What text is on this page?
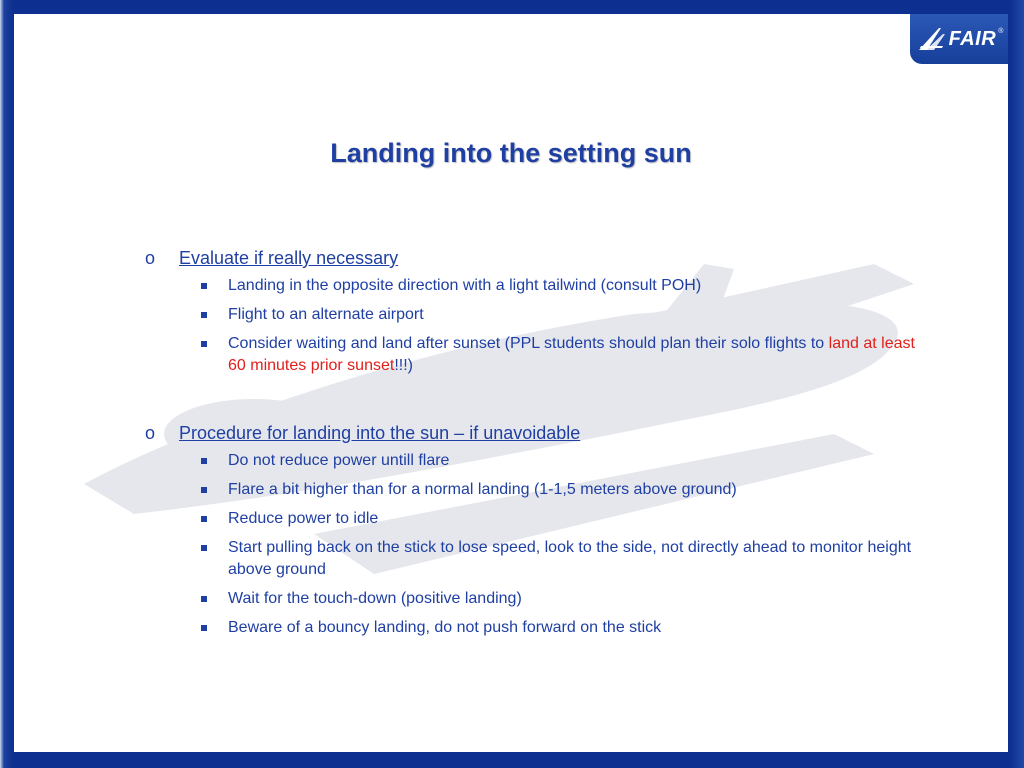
FAIR ®
Landing into the setting sun
o	Evaluate if really necessary
Landing in the opposite direction with a light tailwind (consult POH)
Flight to an alternate airport
Consider waiting and land after sunset (PPL students should plan their solo flights to land at least 60 minutes prior sunset!!!)
o	Procedure for landing into the sun – if unavoidable
Do not reduce power untill flare
Flare a bit higher than for a normal landing (1-1,5 meters above ground)
Reduce power to idle
Start pulling back on the stick to lose speed, look to the side, not directly ahead to monitor height above ground
Wait for the touch-down (positive landing)
Beware of a bouncy landing, do not push forward on the stick
